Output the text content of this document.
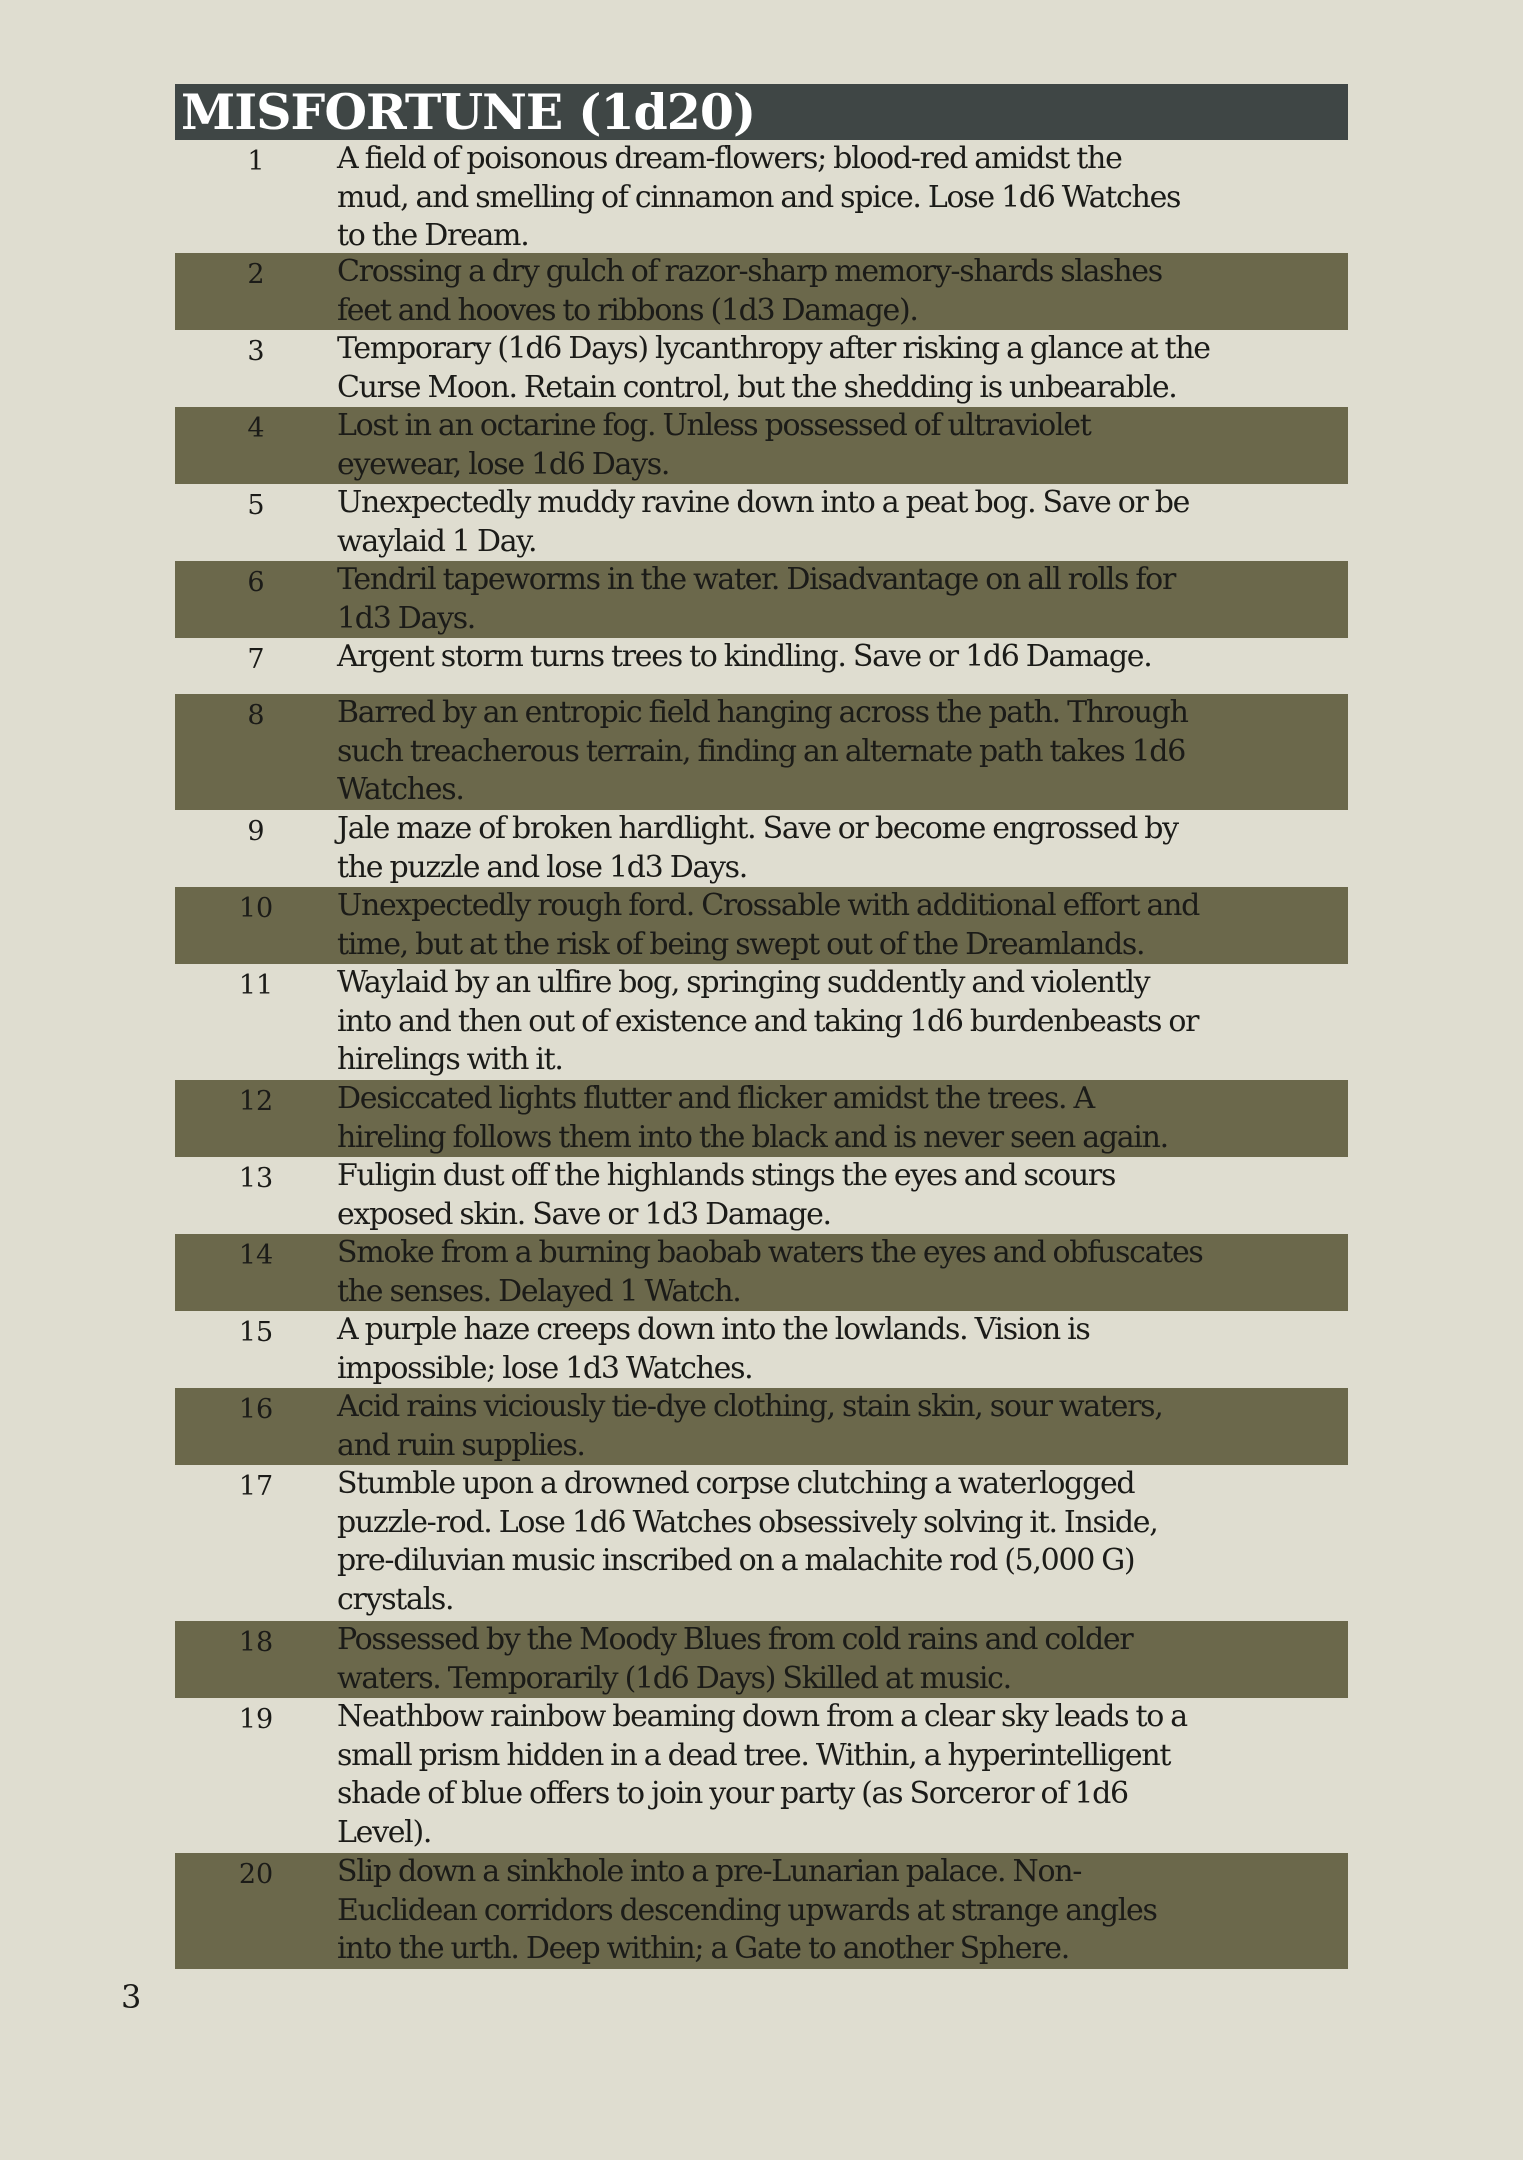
MISFORTUNE (1d20)
1	A field of poisonous dream-flowers; blood-red amidst the
mud, and smelling of cinnamon and spice. Lose 1d6 Watches
to the Dream.
2	Crossing a dry gulch of razor-sharp memory-shards slashes
feet and hooves to ribbons (1d3 Damage).
3	Temporary (1d6 Days) lycanthropy after risking a glance at the
Curse Moon. Retain control, but the shedding is unbearable.
4	Lost in an octarine fog. Unless possessed of ultraviolet
eyewear, lose 1d6 Days.
5	Unexpectedly muddy ravine down into a peat bog. Save or be
waylaid 1 Day.
6	Tendril tapeworms in the water. Disadvantage on all rolls for
1d3 Days.
7	Argent storm turns trees to kindling. Save or 1d6 Damage.
8	Barred by an entropic field hanging across the path. Through
such treacherous terrain, finding an alternate path takes 1d6
Watches.
9	Jale maze of broken hardlight. Save or become engrossed by
the puzzle and lose 1d3 Days.
10	Unexpectedly rough ford. Crossable with additional effort and
time, but at the risk of being swept out of the Dreamlands.
11	Waylaid by an ulfire bog, springing suddently and violently
into and then out of existence and taking 1d6 burdenbeasts or
hirelings with it.
12	Desiccated lights flutter and flicker amidst the trees. A
hireling follows them into the black and is never seen again.
13	Fuligin dust off the highlands stings the eyes and scours
exposed skin. Save or 1d3 Damage.
14	Smoke from a burning baobab waters the eyes and obfuscates
the senses. Delayed 1 Watch.
15	A purple haze creeps down into the lowlands. Vision is
impossible; lose 1d3 Watches.
16	Acid rains viciously tie-dye clothing, stain skin, sour waters,
and ruin supplies.
17	Stumble upon a drowned corpse clutching a waterlogged
puzzle-rod. Lose 1d6 Watches obsessively solving it. Inside,
pre-diluvian music inscribed on a malachite rod (5,000 G)
crystals.
18	Possessed by the Moody Blues from cold rains and colder
waters. Temporarily (1d6 Days) Skilled at music.
19	Neathbow rainbow beaming down from a clear sky leads to a
small prism hidden in a dead tree. Within, a hyperintelligent
shade of blue offers to join your party (as Sorceror of 1d6
Level).
20	Slip down a sinkhole into a pre-Lunarian palace. Non-
Euclidean corridors descending upwards at strange angles
into the urth. Deep within; a Gate to another Sphere.
3
